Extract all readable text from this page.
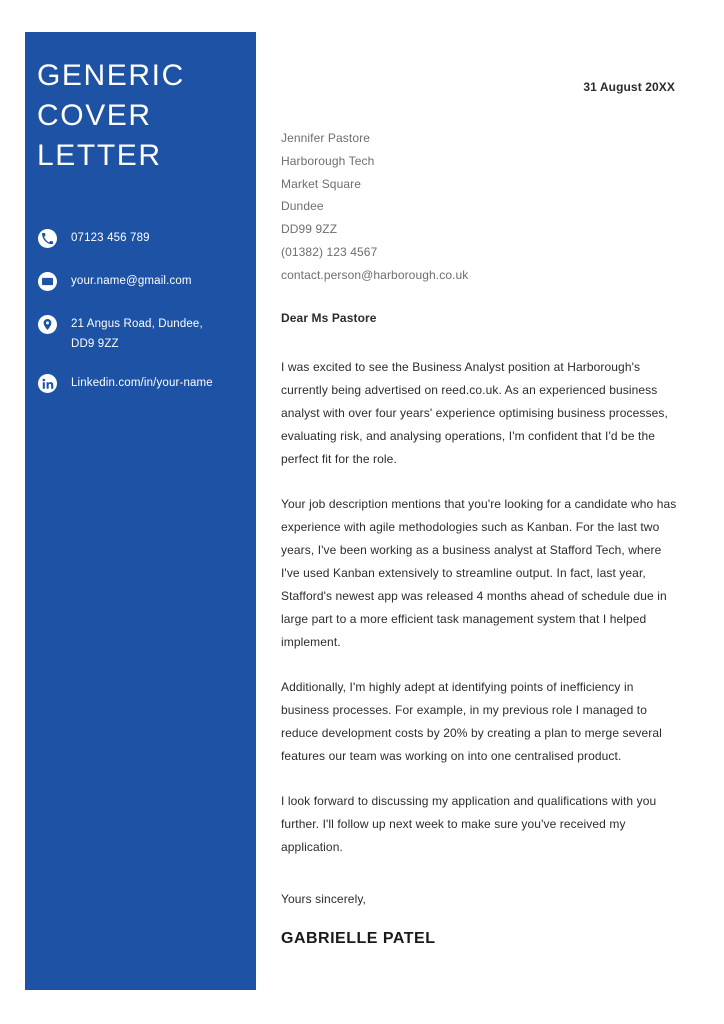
GENERIC
COVER
LETTER
07123 456 789
your.name@gmail.com
21 Angus Road, Dundee,
DD9 9ZZ
Linkedin.com/in/your-name
31 August 20XX
Jennifer Pastore
Harborough Tech
Market Square
Dundee
DD99 9ZZ
(01382) 123 4567
contact.person@harborough.co.uk
Dear Ms Pastore

I was excited to see the Business Analyst position at Harborough's currently being advertised on reed.co.uk. As an experienced business analyst with over four years' experience optimising business processes, evaluating risk, and analysing operations, I'm confident that I'd be the perfect fit for the role.

Your job description mentions that you're looking for a candidate who has experience with agile methodologies such as Kanban. For the last two years, I've been working as a business analyst at Stafford Tech, where I've used Kanban extensively to streamline output. In fact, last year, Stafford's newest app was released 4 months ahead of schedule due in large part to a more efficient task management system that I helped implement.

Additionally, I'm highly adept at identifying points of inefficiency in business processes. For example, in my previous role I managed to reduce development costs by 20% by creating a plan to merge several features our team was working on into one centralised product.

I look forward to discussing my application and qualifications with you further. I'll follow up next week to make sure you've received my application.

Yours sincerely,
GABRIELLE PATEL
